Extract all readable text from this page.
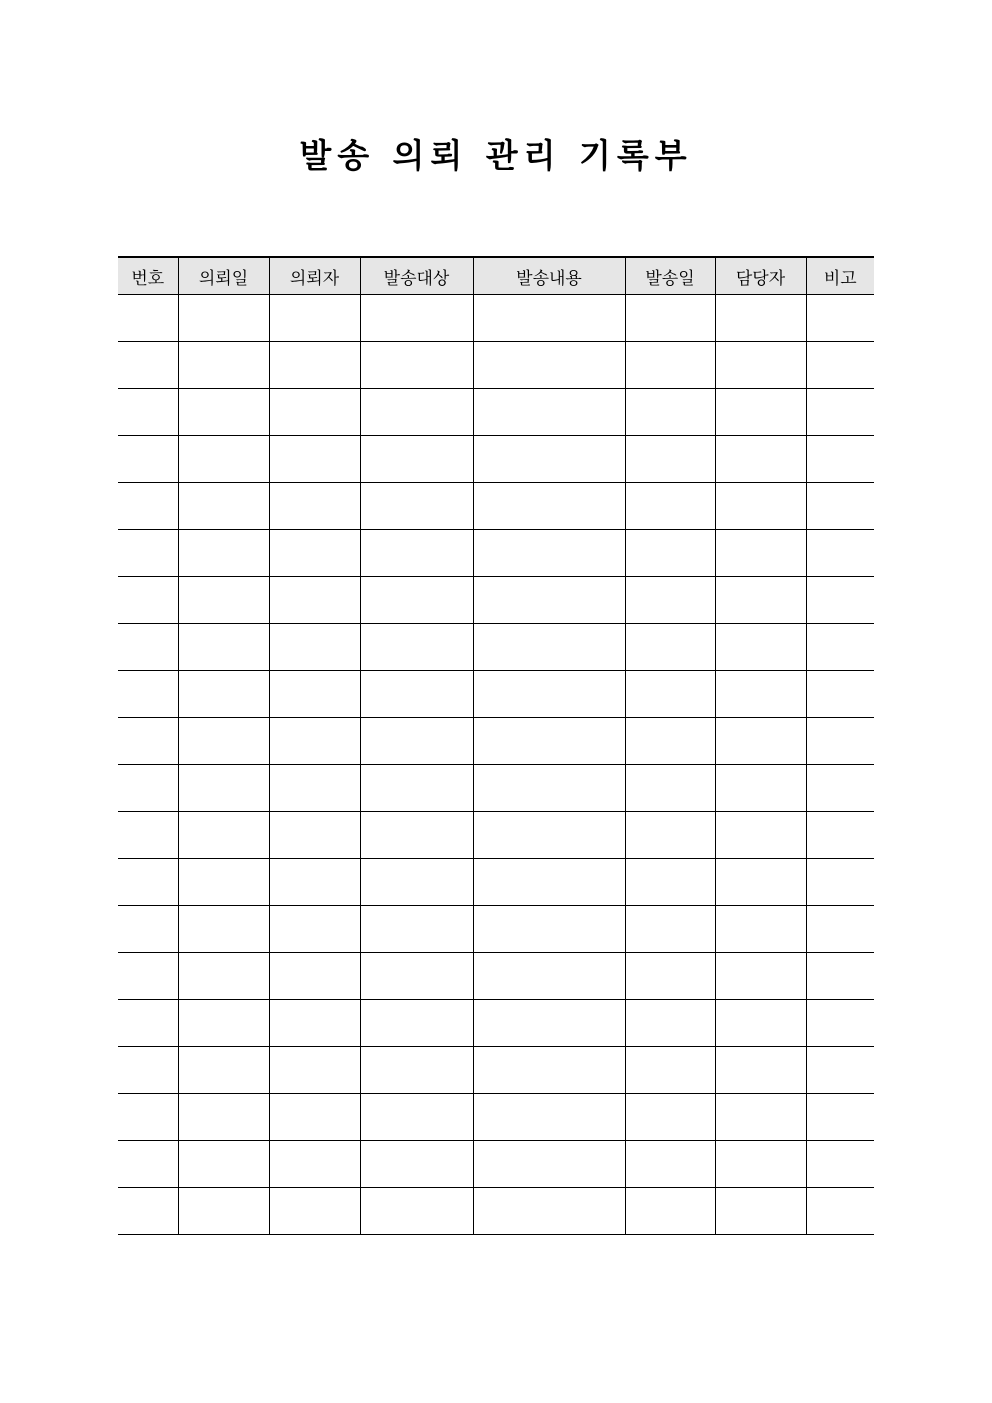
발송 의뢰 관리 기록부
번호	의뢰일	의뢰자	발송대상	발송내용	발송일	담당자	비고
